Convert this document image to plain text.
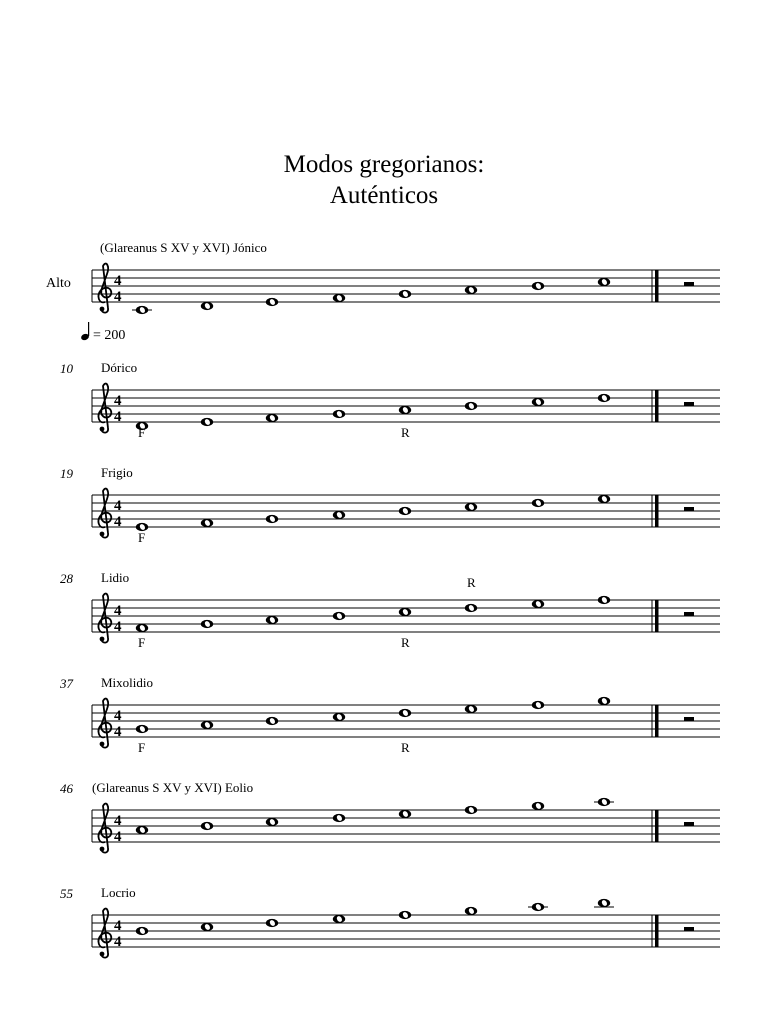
Modos gregorianos:
Auténticos
Alto	4
4
(Glareanus S XV y XVI) Jónico
4
4
10 Dórico
F	R
4
4
19 Frigio
F
R
4
4
28 Lidio
F	R
4
4
37 Mixolidio
F	R
4
4
46 (Glareanus S XV y XVI) Eolio
4
4
55 Locrio
= 200
